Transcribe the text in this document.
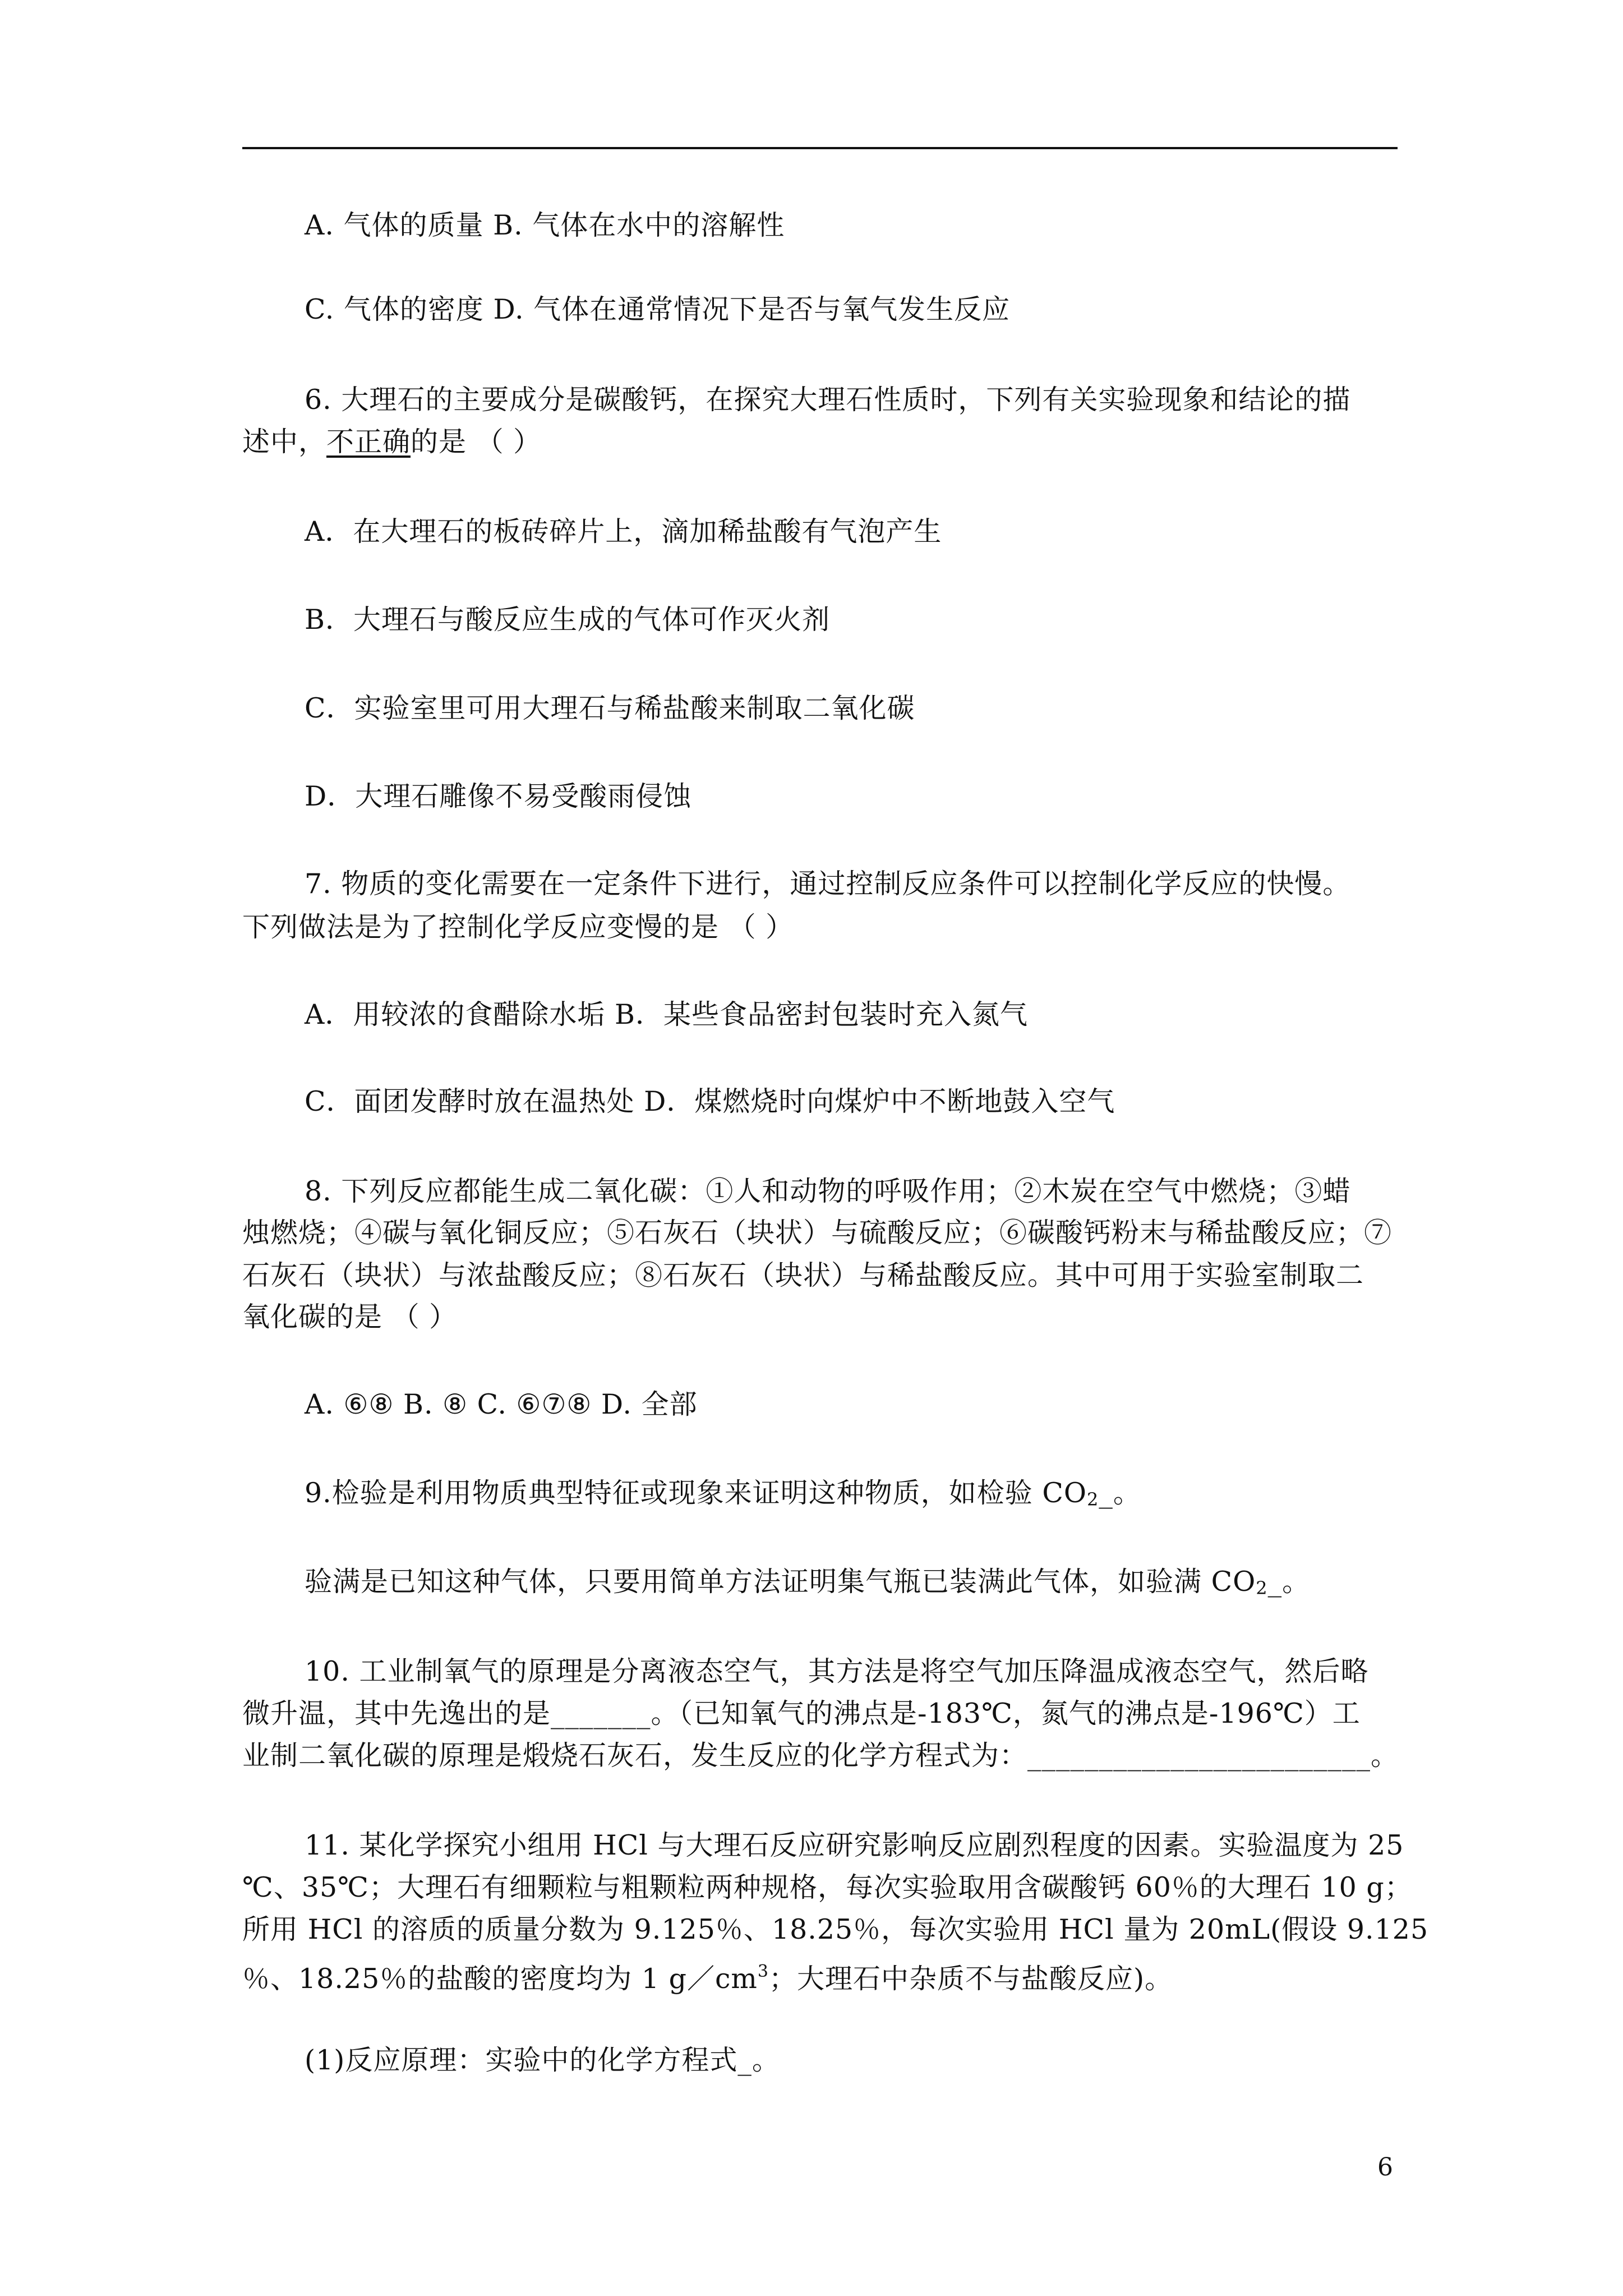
A. 气体的质量 B. 气体在水中的溶解性
C. 气体的密度 D. 气体在通常情况下是否与氧气发生反应
6. 大理石的主要成分是碳酸钙，在探究大理石性质时，下列有关实验现象和结论的描
述中，不正确的是 （ ）
A．在大理石的板砖碎片上，滴加稀盐酸有气泡产生
B．大理石与酸反应生成的气体可作灭火剂
C．实验室里可用大理石与稀盐酸来制取二氧化碳
D．大理石雕像不易受酸雨侵蚀
7. 物质的变化需要在一定条件下进行，通过控制反应条件可以控制化学反应的快慢。
下列做法是为了控制化学反应变慢的是 （ ）
A．用较浓的食醋除水垢 B．某些食品密封包装时充入氮气
C．面团发酵时放在温热处 D．煤燃烧时向煤炉中不断地鼓入空气
8. 下列反应都能生成二氧化碳：①人和动物的呼吸作用；②木炭在空气中燃烧；③蜡
烛燃烧；④碳与氧化铜反应；⑤石灰石（块状）与硫酸反应；⑥碳酸钙粉末与稀盐酸反应；⑦
石灰石（块状）与浓盐酸反应；⑧石灰石（块状）与稀盐酸反应。其中可用于实验室制取二
氧化碳的是 （ ）
A. ⑥⑧ B. ⑧ C. ⑥⑦⑧ D. 全部
9.检验是利用物质典型特征或现象来证明这种物质，如检验 $CO_2\_$。
验满是已知这种气体，只要用简单方法证明集气瓶已装满此气体，如验满 $CO_2\_$。
10. 工业制氧气的原理是分离液态空气，其方法是将空气加压降温成液态空气，然后略
微升温，其中先逸出的是_______。（已知氧气的沸点是-183℃，氮气的沸点是-196℃）工
业制二氧化碳的原理是煅烧石灰石，发生反应的化学方程式为：________________________。
11. 某化学探究小组用 HCl 与大理石反应研究影响反应剧烈程度的因素。实验温度为 25
℃、35℃；大理石有细颗粒与粗颗粒两种规格，每次实验取用含碳酸钙 60％的大理石 10 g；
所用 HCl 的溶质的质量分数为 9.125％、18.25％，每次实验用 HCl 量为 20mL(假设 9.125
％、18.25％的盐酸的密度均为 1 $g/cm^3$；大理石中杂质不与盐酸反应)。
(1)反应原理：实验中的化学方程式_。
6
